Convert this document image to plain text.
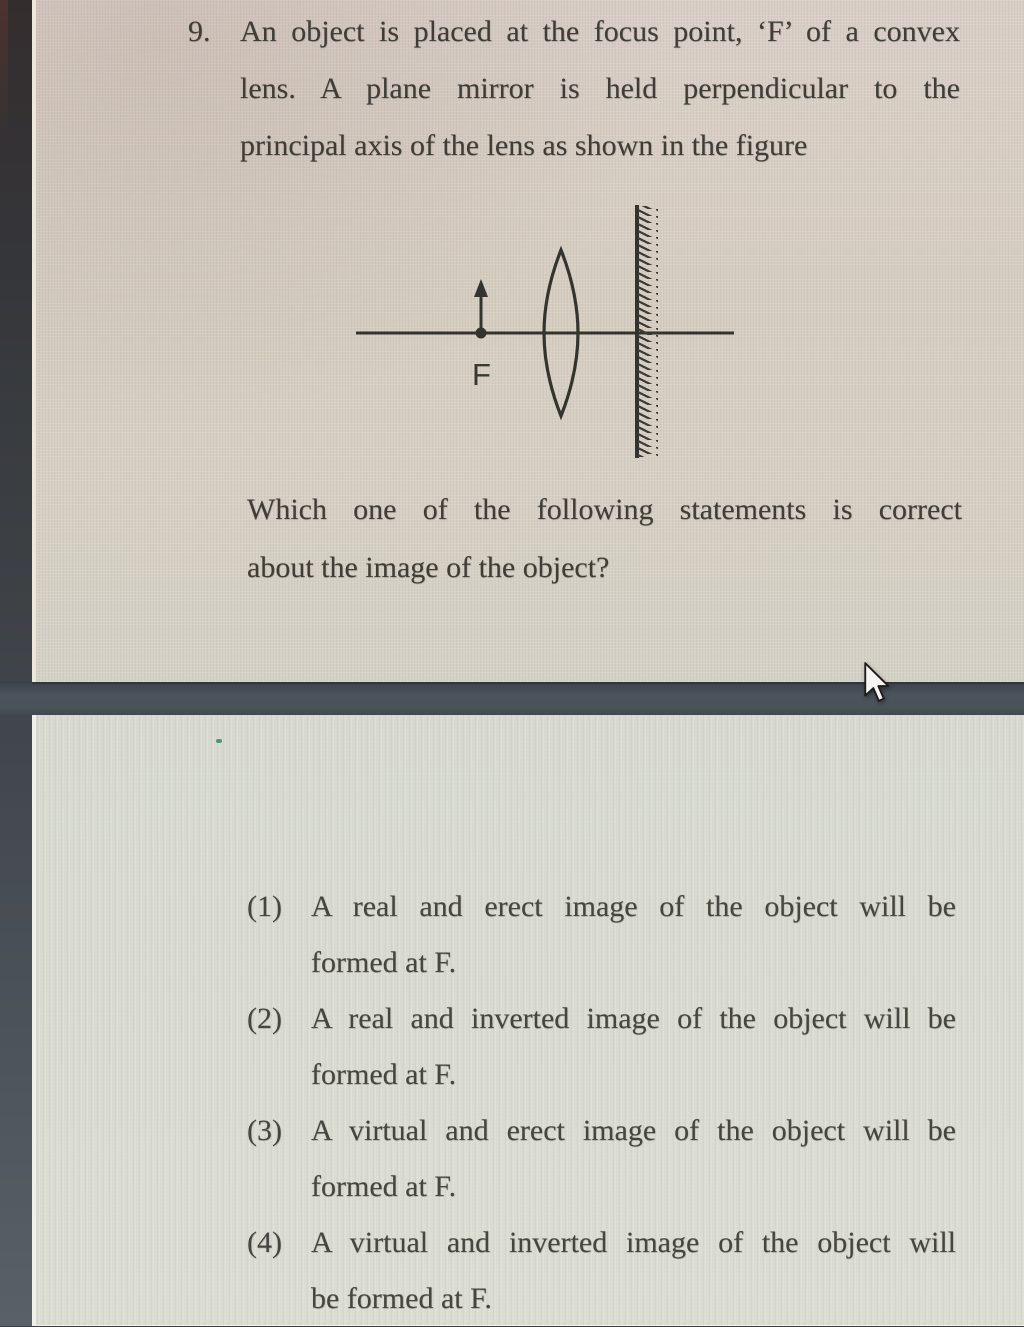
9. An object is placed at the focus point, ‘F’ of a convex
lens. A plane mirror is held perpendicular to the
principal axis of the lens as shown in the figure
F
Which one of the following statements is correct
about the image of the object?
(1) A real and erect image of the object will be
formed at F.
(2) A real and inverted image of the object will be
formed at F.
(3) A virtual and erect image of the object will be
formed at F.
(4) A virtual and inverted image of the object will
be formed at F.
